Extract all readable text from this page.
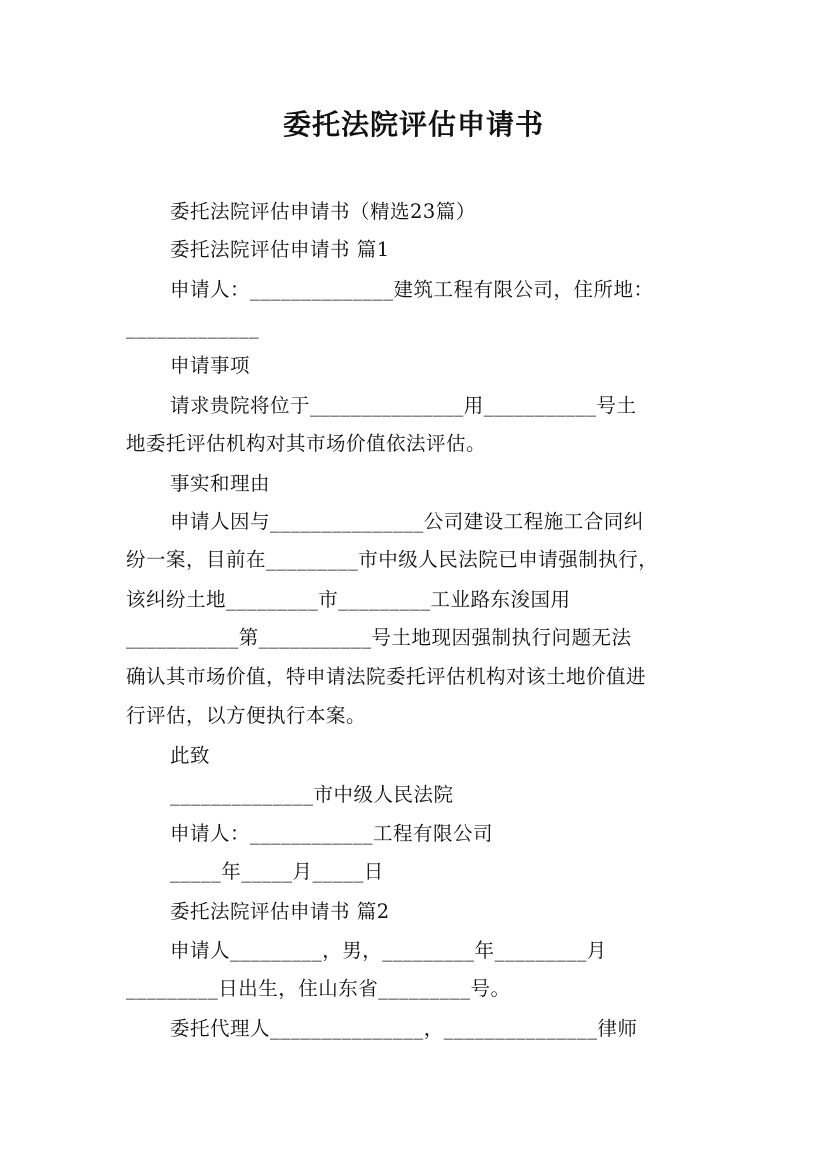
委托法院评估申请书
委托法院评估申请书（精选23篇）
委托法院评估申请书 篇1
申请人：______________建筑工程有限公司，住所地：
_____________
申请事项
请求贵院将位于_______________用___________号土
地委托评估机构对其市场价值依法评估。
事实和理由
申请人因与_______________公司建设工程施工合同纠
纷一案，目前在_________市中级人民法院已申请强制执行，
该纠纷土地_________市_________工业路东浚国用
___________第___________号土地现因强制执行问题无法
确认其市场价值，特申请法院委托评估机构对该土地价值进
行评估，以方便执行本案。
此致
______________市中级人民法院
申请人：____________工程有限公司
_____年_____月_____日
委托法院评估申请书 篇2
申请人_________，男，_________年_________月
_________日出生，住山东省_________号。
委托代理人_______________，_______________律师
